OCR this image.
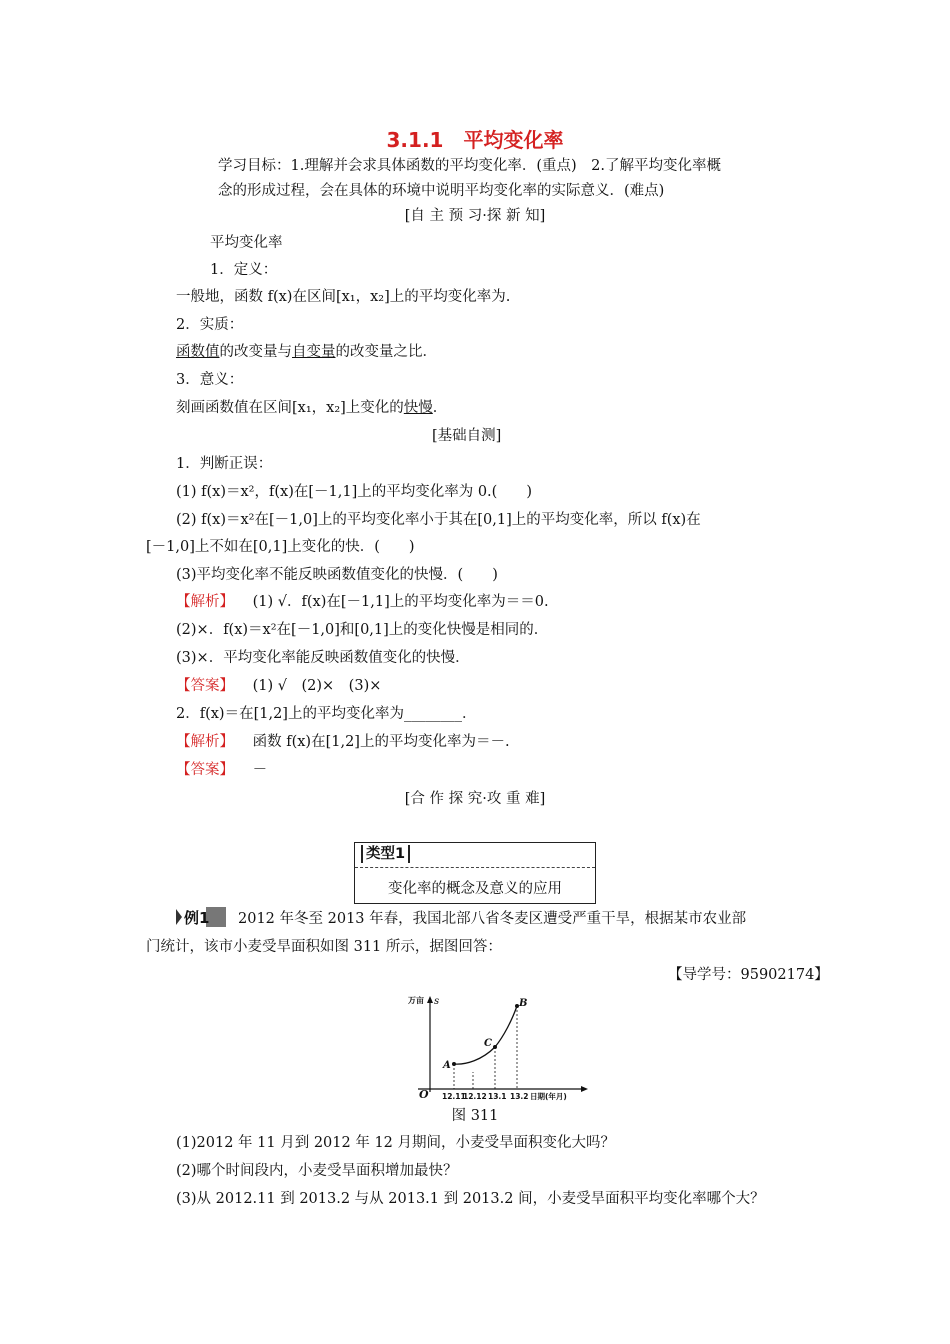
3.1.1　平均变化率
学习目标：1.理解并会求具体函数的平均变化率．(重点)　2.了解平均变化率概
念的形成过程，会在具体的环境中说明平均变化率的实际意义．(难点)
[自 主 预 习·探 新 知]
平均变化率
1．定义：
一般地，函数 f(x)在区间[x₁，x₂]上的平均变化率为.
2．实质：
函数值的改变量与自变量的改变量之比．
3．意义：
刻画函数值在区间[x₁，x₂]上变化的快慢．
[基础自测]
1．判断正误：
(1) f(x)＝x²，f(x)在[－1,1]上的平均变化率为 0.(　　)
(2) f(x)＝x²在[－1,0]上的平均变化率小于其在[0,1]上的平均变化率，所以 f(x)在
[－1,0]上不如在[0,1]上变化的快．(　　)
(3)平均变化率不能反映函数值变化的快慢．(　　)
【解析】 (1) √．f(x)在[－1,1]上的平均变化率为＝＝0.
(2)×．f(x)＝x²在[－1,0]和[0,1]上的变化快慢是相同的．
(3)×．平均变化率能反映函数值变化的快慢．
【答案】 (1) √　(2)×　(3)×
2．f(x)＝在[1,2]上的平均变化率为________．
【解析】 函数 f(x)在[1,2]上的平均变化率为＝－.
【答案】 －
[合 作 探 究·攻 重 难]
类型1
变化率的概念及意义的应用
例1 2012 年冬至 2013 年春，我国北部八省冬麦区遭受严重干旱，根据某市农业部
门统计，该市小麦受旱面积如图 311 所示，据图回答：
【导学号：95902174】
万亩 s
O
A
C
B
12.11
12.12 13.1 13.2 日期(年月)
图 311
(1)2012 年 11 月到 2012 年 12 月期间，小麦受旱面积变化大吗？
(2)哪个时间段内，小麦受旱面积增加最快？
(3)从 2012.11 到 2013.2 与从 2013.1 到 2013.2 间，小麦受旱面积平均变化率哪个大？
